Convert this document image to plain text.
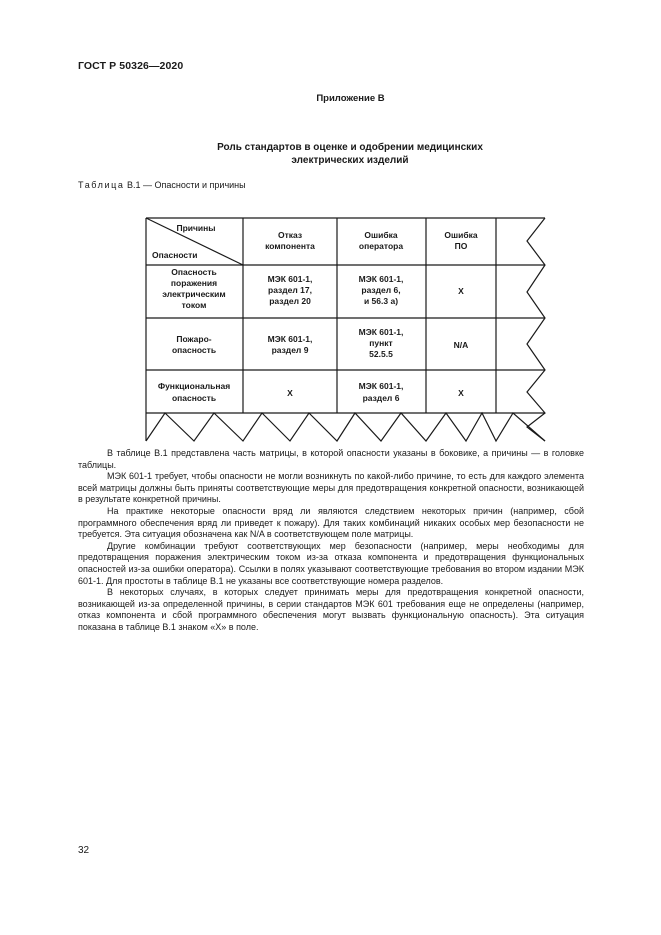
ГОСТ Р 50326—2020
Приложение В
Роль стандартов в оценке и одобрении медицинских
электрических изделий
Таблица В.1 — Опасности и причины
Причины
Опасности
Отказ
компонента
Ошибка
оператора
Ошибка
ПО
Опасность
поражения
электрическим
током
МЭК 601-1,
раздел 17,
раздел 20
МЭК 601-1,
раздел 6,
и 56.3 а)
X
Пожаро-
опасность
МЭК 601-1,
раздел 9
МЭК 601-1,
пункт
52.5.5
N/A
Функциональная
опасность	X
МЭК 601-1,
раздел 6	X

В таблице В.1 представлена часть матрицы, в которой опасности указаны в боковике, а причины — в головке таблицы.

МЭК 601-1 требует, чтобы опасности не могли возникнуть по какой-либо причине, то есть для каждого элемента всей матрицы должны быть приняты соответствующие меры для предотвращения конкретной опасности, возникающей в результате конкретной причины.

На практике некоторые опасности вряд ли являются следствием некоторых причин (например, сбой программного обеспечения вряд ли приведет к пожару). Для таких комбинаций никаких особых мер безопасности не требуется. Эта ситуация обозначена как N/A в соответствующем поле матрицы.

Другие комбинации требуют соответствующих мер безопасности (например, меры необходимы для предотвращения поражения электрическим током из-за отказа компонента и предотвращения функциональных опасностей из-за ошибки оператора). Ссылки в полях указывают соответствующие требования во втором издании МЭК 601-1. Для простоты в таблице В.1 не указаны все соответствующие номера разделов.

В некоторых случаях, в которых следует принимать меры для предотвращения конкретной опасности, возникающей из-за определенной причины, в серии стандартов МЭК 601 требования еще не определены (например, отказ компонента и сбой программного обеспечения могут вызвать функциональную опасность). Эта ситуация показана в таблице В.1 знаком «X» в поле.

32
